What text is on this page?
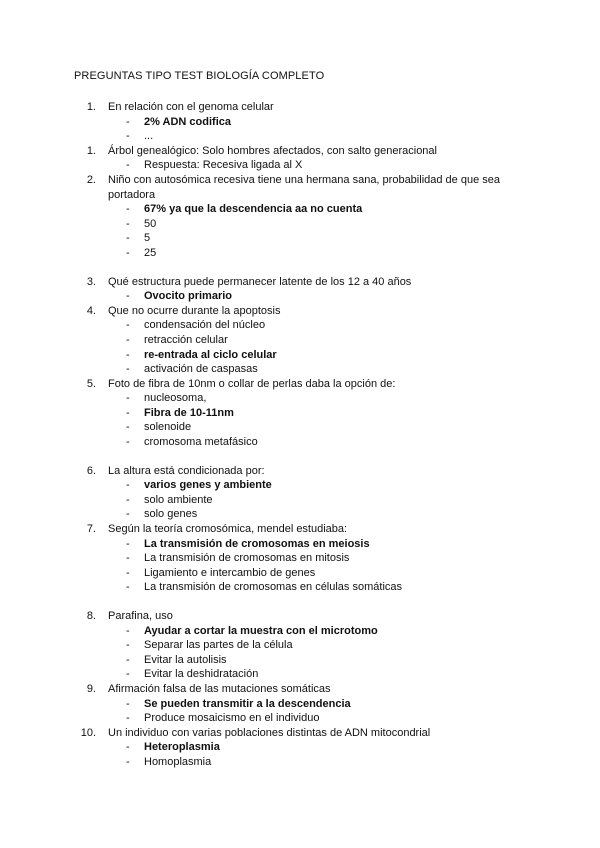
PREGUNTAS TIPO TEST BIOLOGÍA COMPLETO
1. En relación con el genoma celular
- 2% ADN codifica
- ...
1. Árbol genealógico: Solo hombres afectados, con salto generacional
- Respuesta: Recesiva ligada al X
2. Niño con autosómica recesiva tiene una hermana sana, probabilidad de que sea portadora
- 67% ya que la descendencia aa no cuenta
- 50
- 5
- 25
3. Qué estructura puede permanecer latente de los 12 a 40 años
- Ovocito primario
4. Que no ocurre durante la apoptosis
- condensación del núcleo
- retracción celular
- re-entrada al ciclo celular
- activación de caspasas
5. Foto de fibra de 10nm o collar de perlas daba la opción de:
- nucleosoma,
- Fibra de 10-11nm
- solenoide
- cromosoma metafásico
6. La altura está condicionada por:
- varios genes y ambiente
- solo ambiente
- solo genes
7. Según la teoría cromosómica, mendel estudiaba:
- La transmisión de cromosomas en meiosis
- La transmisión de cromosomas en mitosis
- Ligamiento e intercambio de genes
- La transmisión de cromosomas en células somáticas
8. Parafina, uso
- Ayudar a cortar la muestra con el microtomo
- Separar las partes de la célula
- Evitar la autolisis
- Evitar la deshidratación
9. Afirmación falsa de las mutaciones somáticas
- Se pueden transmitir a la descendencia
- Produce mosaicismo en el individuo
10. Un individuo con varias poblaciones distintas de ADN mitocondrial
- Heteroplasmia
- Homoplasmia
